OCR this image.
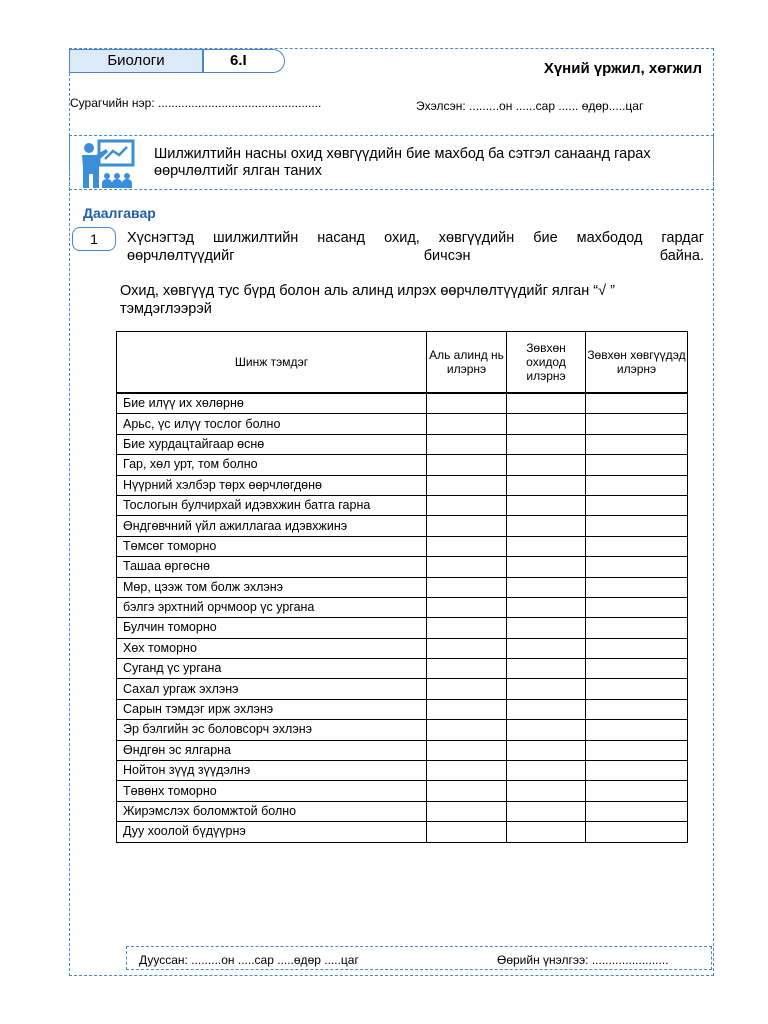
Биологи	6.I	Хүний үржил, хөгжил
Сурагчийн нэр: .................................................	Эхэлсэн: .........он ......сар ...... өдөр.....цаг
Шилжилтийн насны охид хөвгүүдийн бие махбод ба сэтгэл санаанд гарах өөрчлөлтийг ялган таних
Даалгавар
1	Хүснэгтэд шилжилтийн насанд охид, хөвгүүдийн бие махбодод гардаг өөрчлөлтүүдийг бичсэн байна.
Охид, хөвгүүд тус бүрд болон аль алинд илрэх өөрчлөлтүүдийг ялган “√ ” тэмдэглээрэй
Шинж тэмдэг	Аль алинд нь илэрнэ	Зөвхөн охидод илэрнэ	Зөвхөн хөвгүүдэд илэрнэ
Бие илүү их хөлөрнө			
Арьс, үс илүү тослог болно			
Бие хурдацтайгаар өснө			
Гар, хөл урт, том болно			
Нүүрний хэлбэр төрх өөрчлөгдөнө			
Тослогын булчирхай идэвхжин батга гарна			
Өндгөвчний үйл ажиллагаа идэвхжинэ			
Төмсөг томорно			
Ташаа өргөснө			
Мөр, цээж том болж эхлэнэ			
бэлгэ эрхтний орчмоор үс ургана			
Булчин томорно			
Хөх томорно			
Суганд үс ургана			
Сахал ургаж эхлэнэ			
Сарын тэмдэг ирж эхлэнэ			
Эр бэлгийн эс боловсорч эхлэнэ			
Өндгөн эс ялгарна			
Нойтон зүүд зүүдэлнэ			
Төвөнх томорно			
Жирэмслэх боломжтой болно			
Дуу хоолой бүдүүрнэ			
Дууссан: .........он .....сар .....өдөр .....цаг	Өөрийн үнэлгээ: .......................
